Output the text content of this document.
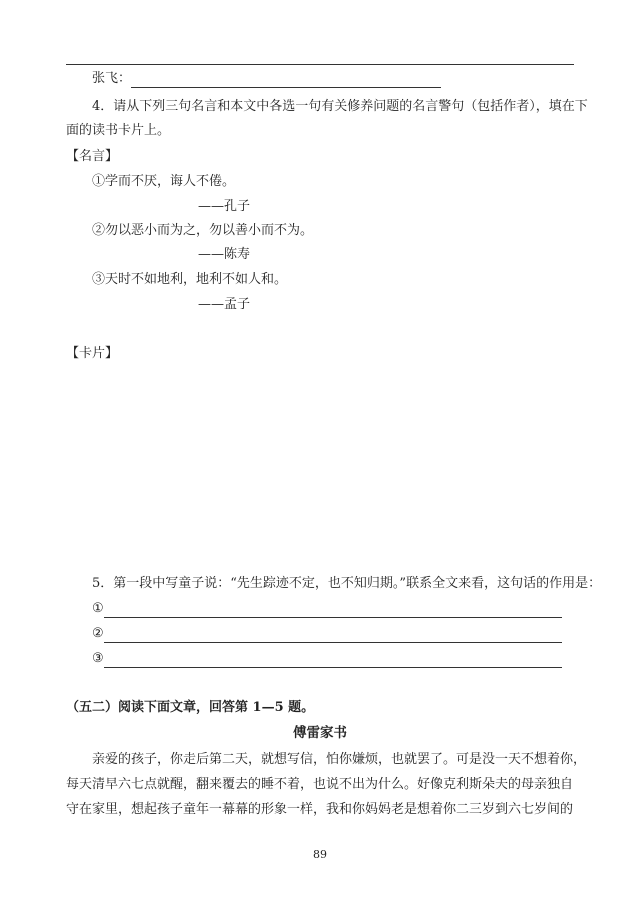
张飞：
4．请从下列三句名言和本文中各选一句有关修养问题的名言警句（包括作者），填在下
面的读书卡片上。
【名言】
①学而不厌，诲人不倦。
——孔子
②勿以恶小而为之，勿以善小而不为。
——陈寿
③天时不如地利，地利不如人和。
——孟子
【卡片】
5．第一段中写童子说：“先生踪迹不定，也不知归期。”联系全文来看，这句话的作用是：
①
②
③
（五二）阅读下面文章，回答第 1—5 题。
傅雷家书
亲爱的孩子，你走后第二天，就想写信，怕你嫌烦，也就罢了。可是没一天不想着你，
每天清早六七点就醒，翻来覆去的睡不着，也说不出为什么。好像克利斯朵夫的母亲独自
守在家里，想起孩子童年一幕幕的形象一样，我和你妈妈老是想着你二三岁到六七岁间的
89
